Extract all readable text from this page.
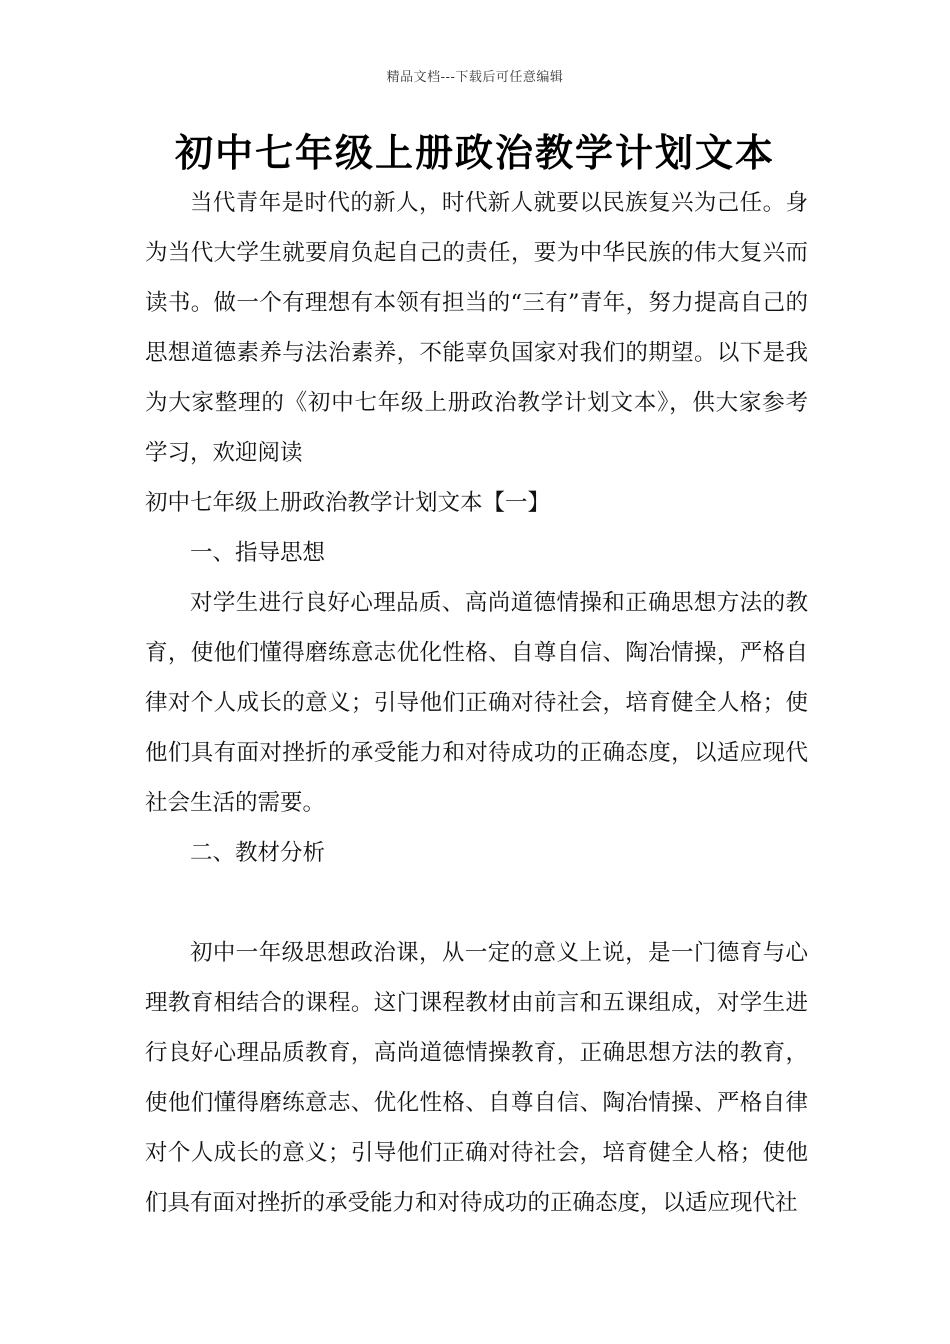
精品文档---下载后可任意编辑
初中七年级上册政治教学计划文本

当代青年是时代的新人，时代新人就要以民族复兴为己任。身为当代大学生就要肩负起自己的责任，要为中华民族的伟大复兴而读书。做一个有理想有本领有担当的“三有”青年，努力提高自己的思想道德素养与法治素养，不能辜负国家对我们的期望。以下是我为大家整理的《初中七年级上册政治教学计划文本》，供大家参考学习，欢迎阅读

初中七年级上册政治教学计划文本【一】

一、指导思想

对学生进行良好心理品质、高尚道德情操和正确思想方法的教育，使他们懂得磨练意志优化性格、自尊自信、陶冶情操，严格自律对个人成长的意义；引导他们正确对待社会，培育健全人格；使他们具有面对挫折的承受能力和对待成功的正确态度，以适应现代社会生活的需要。

二、教材分析

初中一年级思想政治课，从一定的意义上说，是一门德育与心理教育相结合的课程。这门课程教材由前言和五课组成，对学生进行良好心理品质教育，高尚道德情操教育，正确思想方法的教育，使他们懂得磨练意志、优化性格、自尊自信、陶冶情操、严格自律对个人成长的意义；引导他们正确对待社会，培育健全人格；使他们具有面对挫折的承受能力和对待成功的正确态度，以适应现代社
